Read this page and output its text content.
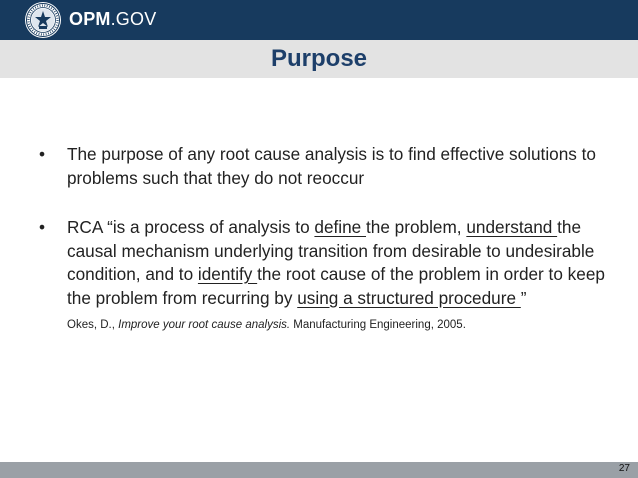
OPM.GOV
Purpose
• The purpose of any root cause analysis is to find effective solutions to problems such that they do not reoccur
• RCA “is a process of analysis to define the problem, understand the causal mechanism underlying transition from desirable to undesirable condition, and to identify the root cause of the problem in order to keep the problem from recurring by using a structured procedure ”
Okes, D., Improve your root cause analysis. Manufacturing Engineering, 2005.
27
